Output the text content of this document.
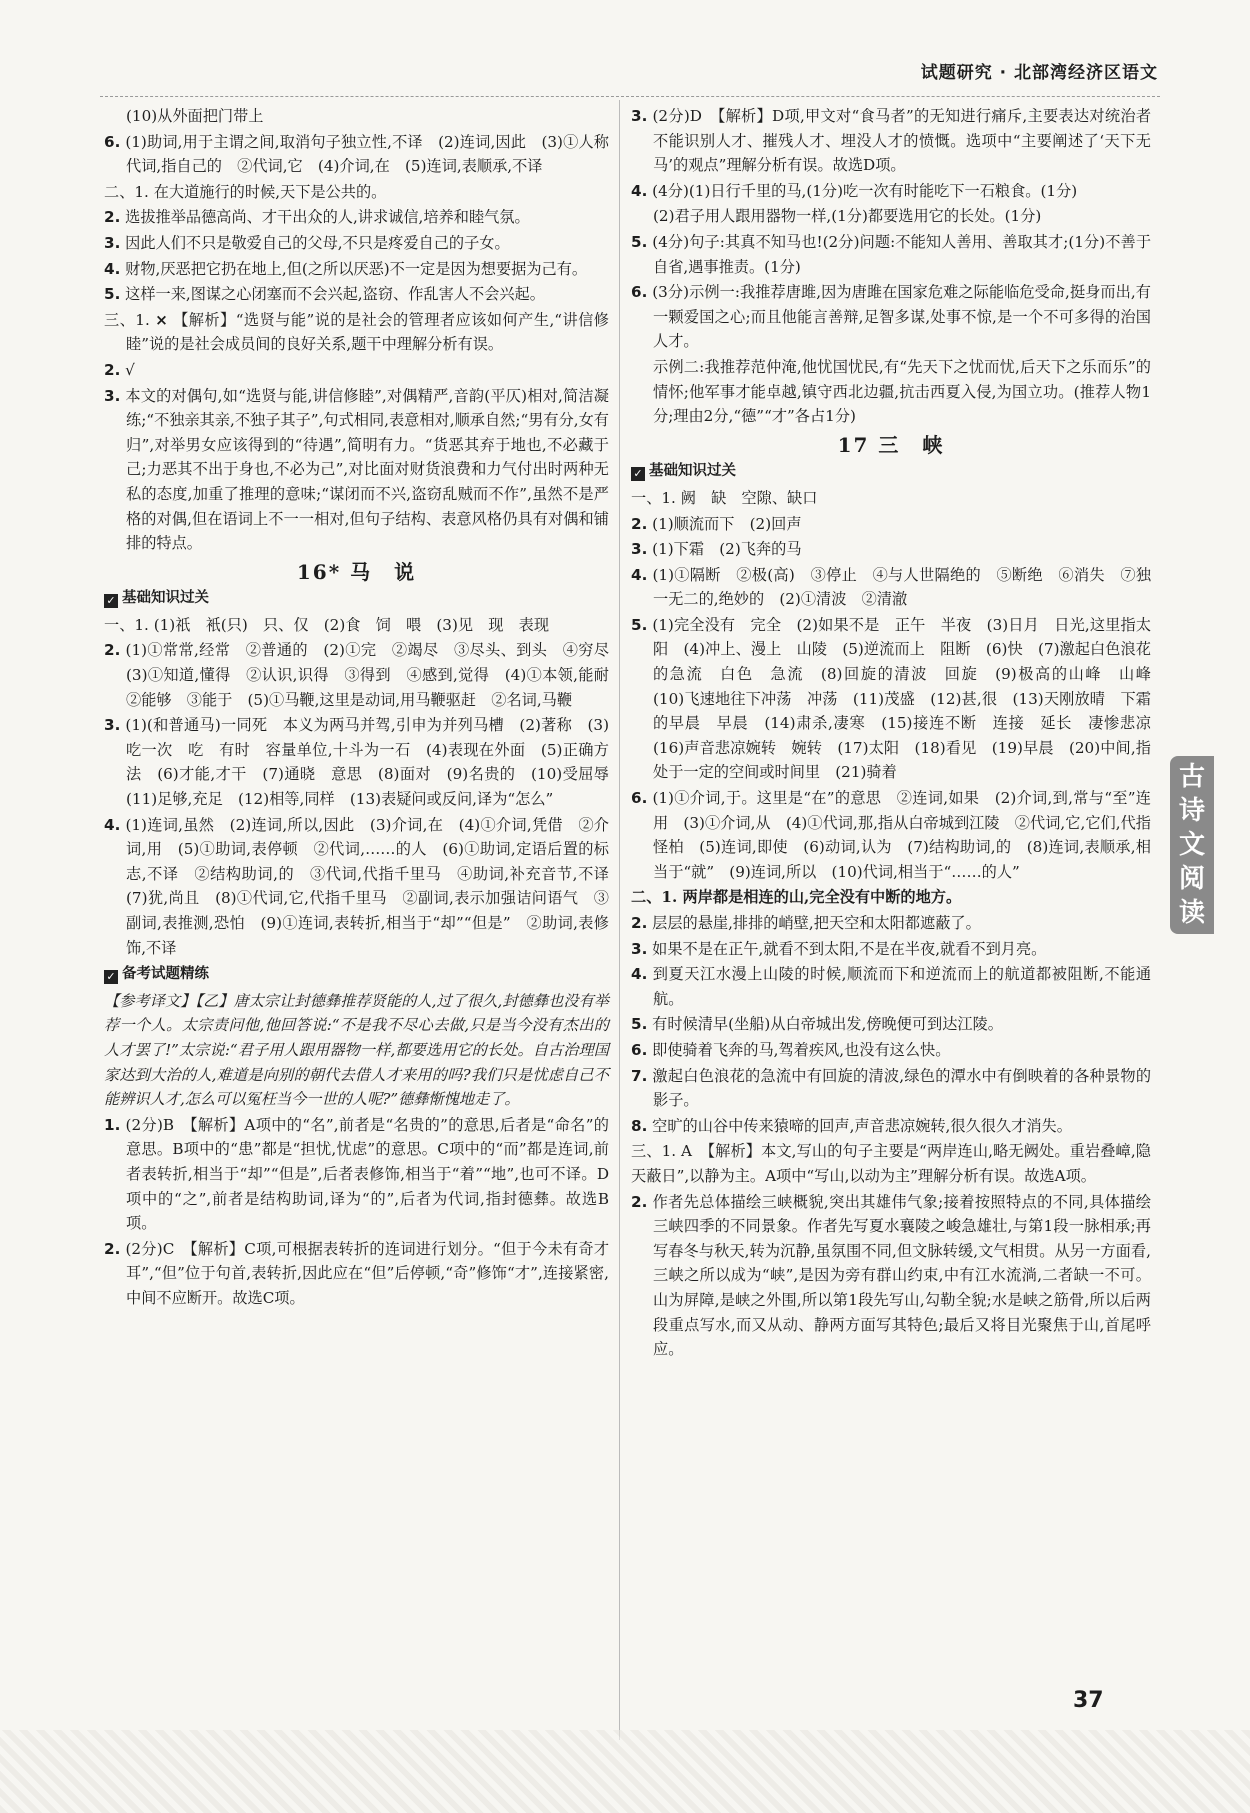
试题研究 · 北部湾经济区语文

(10)从外面把门带上

6. (1)助词,用于主谓之间,取消句子独立性,不译　(2)连词,因此　(3)①人称代词,指自己的　②代词,它　(4)介词,在　(5)连词,表顺承,不译

二、1. 在大道施行的时候,天下是公共的。

2. 选拔推举品德高尚、才干出众的人,讲求诚信,培养和睦气氛。

3. 因此人们不只是敬爱自己的父母,不只是疼爱自己的子女。

4. 财物,厌恶把它扔在地上,但(之所以厌恶)不一定是因为想要据为己有。

5. 这样一来,图谋之心闭塞而不会兴起,盗窃、作乱害人不会兴起。

三、1. × 【解析】“选贤与能”说的是社会的管理者应该如何产生,“讲信修睦”说的是社会成员间的良好关系,题干中理解分析有误。

2. √

3. 本文的对偶句,如“选贤与能,讲信修睦”,对偶精严,音韵(平仄)相对,简洁凝练;“不独亲其亲,不独子其子”,句式相同,表意相对,顺承自然;“男有分,女有归”,对举男女应该得到的“待遇”,简明有力。“货恶其弃于地也,不必藏于己;力恶其不出于身也,不必为己”,对比面对财货浪费和力气付出时两种无私的态度,加重了推理的意味;“谋闭而不兴,盗窃乱贼而不作”,虽然不是严格的对偶,但在语词上不一一相对,但句子结构、表意风格仍具有对偶和铺排的特点。

16* 马　说
✓ 基础知识过关

一、1. (1)祇　衹(只)　只、仅　(2)食　饲　喂　(3)见　现　表现

2. (1)①常常,经常　②普通的　(2)①完　②竭尽　③尽头、到头　④穷尽　(3)①知道,懂得　②认识,识得　③得到　④感到,觉得　(4)①本领,能耐　②能够　③能于　(5)①马鞭,这里是动词,用马鞭驱赶　②名词,马鞭

3. (1)(和普通马)一同死　本义为两马并驾,引申为并列马槽　(2)著称　(3)吃一次　吃　有时　容量单位,十斗为一石　(4)表现在外面　(5)正确方法　(6)才能,才干　(7)通晓　意思　(8)面对　(9)名贵的　(10)受屈辱　(11)足够,充足　(12)相等,同样　(13)表疑问或反问,译为“怎么”

4. (1)连词,虽然　(2)连词,所以,因此　(3)介词,在　(4)①介词,凭借　②介词,用　(5)①助词,表停顿　②代词,……的人　(6)①助词,定语后置的标志,不译　②结构助词,的　③代词,代指千里马　④助词,补充音节,不译　(7)犹,尚且　(8)①代词,它,代指千里马　②副词,表示加强诘问语气　③副词,表推测,恐怕　(9)①连词,表转折,相当于“却”“但是”　②助词,表修饰,不译

✓ 备考试题精练

【参考译文】【乙】唐太宗让封德彝推荐贤能的人,过了很久,封德彝也没有举荐一个人。太宗责问他,他回答说:“不是我不尽心去做,只是当今没有杰出的人才罢了!”太宗说:“君子用人跟用器物一样,都要选用它的长处。自古治理国家达到大治的人,难道是向别的朝代去借人才来用的吗?我们只是忧虑自己不能辨识人才,怎么可以冤枉当今一世的人呢?”德彝惭愧地走了。

1. (2分)B　【解析】A项中的“名”,前者是“名贵的”的意思,后者是“命名”的意思。B项中的“患”都是“担忧,忧虑”的意思。C项中的“而”都是连词,前者表转折,相当于“却”“但是”,后者表修饰,相当于“着”“地”,也可不译。D项中的“之”,前者是结构助词,译为“的”,后者为代词,指封德彝。故选B项。

2. (2分)C　【解析】C项,可根据表转折的连词进行划分。“但于今未有奇才耳”,“但”位于句首,表转折,因此应在“但”后停顿,“奇”修饰“才”,连接紧密,中间不应断开。故选C项。

3. (2分)D　【解析】D项,甲文对“食马者”的无知进行痛斥,主要表达对统治者不能识别人才、摧残人才、埋没人才的愤慨。选项中“主要阐述了‘天下无马’的观点”理解分析有误。故选D项。

4. (4分)(1)日行千里的马,(1分)吃一次有时能吃下一石粮食。(1分)

(2)君子用人跟用器物一样,(1分)都要选用它的长处。(1分)

5. (4分)句子:其真不知马也!(2分)问题:不能知人善用、善取其才;(1分)不善于自省,遇事推责。(1分)

6. (3分)示例一:我推荐唐雎,因为唐雎在国家危难之际能临危受命,挺身而出,有一颗爱国之心;而且他能言善辩,足智多谋,处事不惊,是一个不可多得的治国人才。

示例二:我推荐范仲淹,他忧国忧民,有“先天下之忧而忧,后天下之乐而乐”的情怀;他军事才能卓越,镇守西北边疆,抗击西夏入侵,为国立功。(推荐人物1分;理由2分,“德”“才”各占1分)

17 三　峡
✓ 基础知识过关

一、1. 阙　缺　空隙、缺口

2. (1)顺流而下　(2)回声

3. (1)下霜　(2)飞奔的马

4. (1)①隔断　②极(高)　③停止　④与人世隔绝的　⑤断绝　⑥消失　⑦独一无二的,绝妙的　(2)①清波　②清澈

5. (1)完全没有　完全　(2)如果不是　正午　半夜　(3)日月　日光,这里指太阳　(4)冲上、漫上　山陵　(5)逆流而上　阻断　(6)快　(7)激起白色浪花的急流　白色　急流　(8)回旋的清波　回旋　(9)极高的山峰　山峰　(10)飞速地往下冲荡　冲荡　(11)茂盛　(12)甚,很　(13)天刚放晴　下霜的早晨　早晨　(14)肃杀,凄寒　(15)接连不断　连接　延长　凄惨悲凉　(16)声音悲凉婉转　婉转　(17)太阳　(18)看见　(19)早晨　(20)中间,指处于一定的空间或时间里　(21)骑着

6. (1)①介词,于。这里是“在”的意思　②连词,如果　(2)介词,到,常与“至”连用　(3)①介词,从　(4)①代词,那,指从白帝城到江陵　②代词,它,它们,代指怪柏　(5)连词,即使　(6)动词,认为　(7)结构助词,的　(8)连词,表顺承,相当于“就”　(9)连词,所以　(10)代词,相当于“……的人”

二、1. 两岸都是相连的山,完全没有中断的地方。

2. 层层的悬崖,排排的峭壁,把天空和太阳都遮蔽了。

3. 如果不是在正午,就看不到太阳,不是在半夜,就看不到月亮。

4. 到夏天江水漫上山陵的时候,顺流而下和逆流而上的航道都被阻断,不能通航。

5. 有时候清早(坐船)从白帝城出发,傍晚便可到达江陵。

6. 即使骑着飞奔的马,驾着疾风,也没有这么快。

7. 激起白色浪花的急流中有回旋的清波,绿色的潭水中有倒映着的各种景物的影子。

8. 空旷的山谷中传来猿啼的回声,声音悲凉婉转,很久很久才消失。

三、1. A　【解析】本文,写山的句子主要是“两岸连山,略无阙处。重岩叠嶂,隐天蔽日”,以静为主。A项中“写山,以动为主”理解分析有误。故选A项。

2. 作者先总体描绘三峡概貌,突出其雄伟气象;接着按照特点的不同,具体描绘三峡四季的不同景象。作者先写夏水襄陵之峻急雄壮,与第1段一脉相承;再写春冬与秋天,转为沉静,虽氛围不同,但文脉转缓,文气相贯。从另一方面看,三峡之所以成为“峡”,是因为旁有群山约束,中有江水流淌,二者缺一不可。山为屏障,是峡之外围,所以第1段先写山,勾勒全貌;水是峡之筋骨,所以后两段重点写水,而又从动、静两方面写其特色;最后又将目光聚焦于山,首尾呼应。

古
诗
文
阅
读
37
